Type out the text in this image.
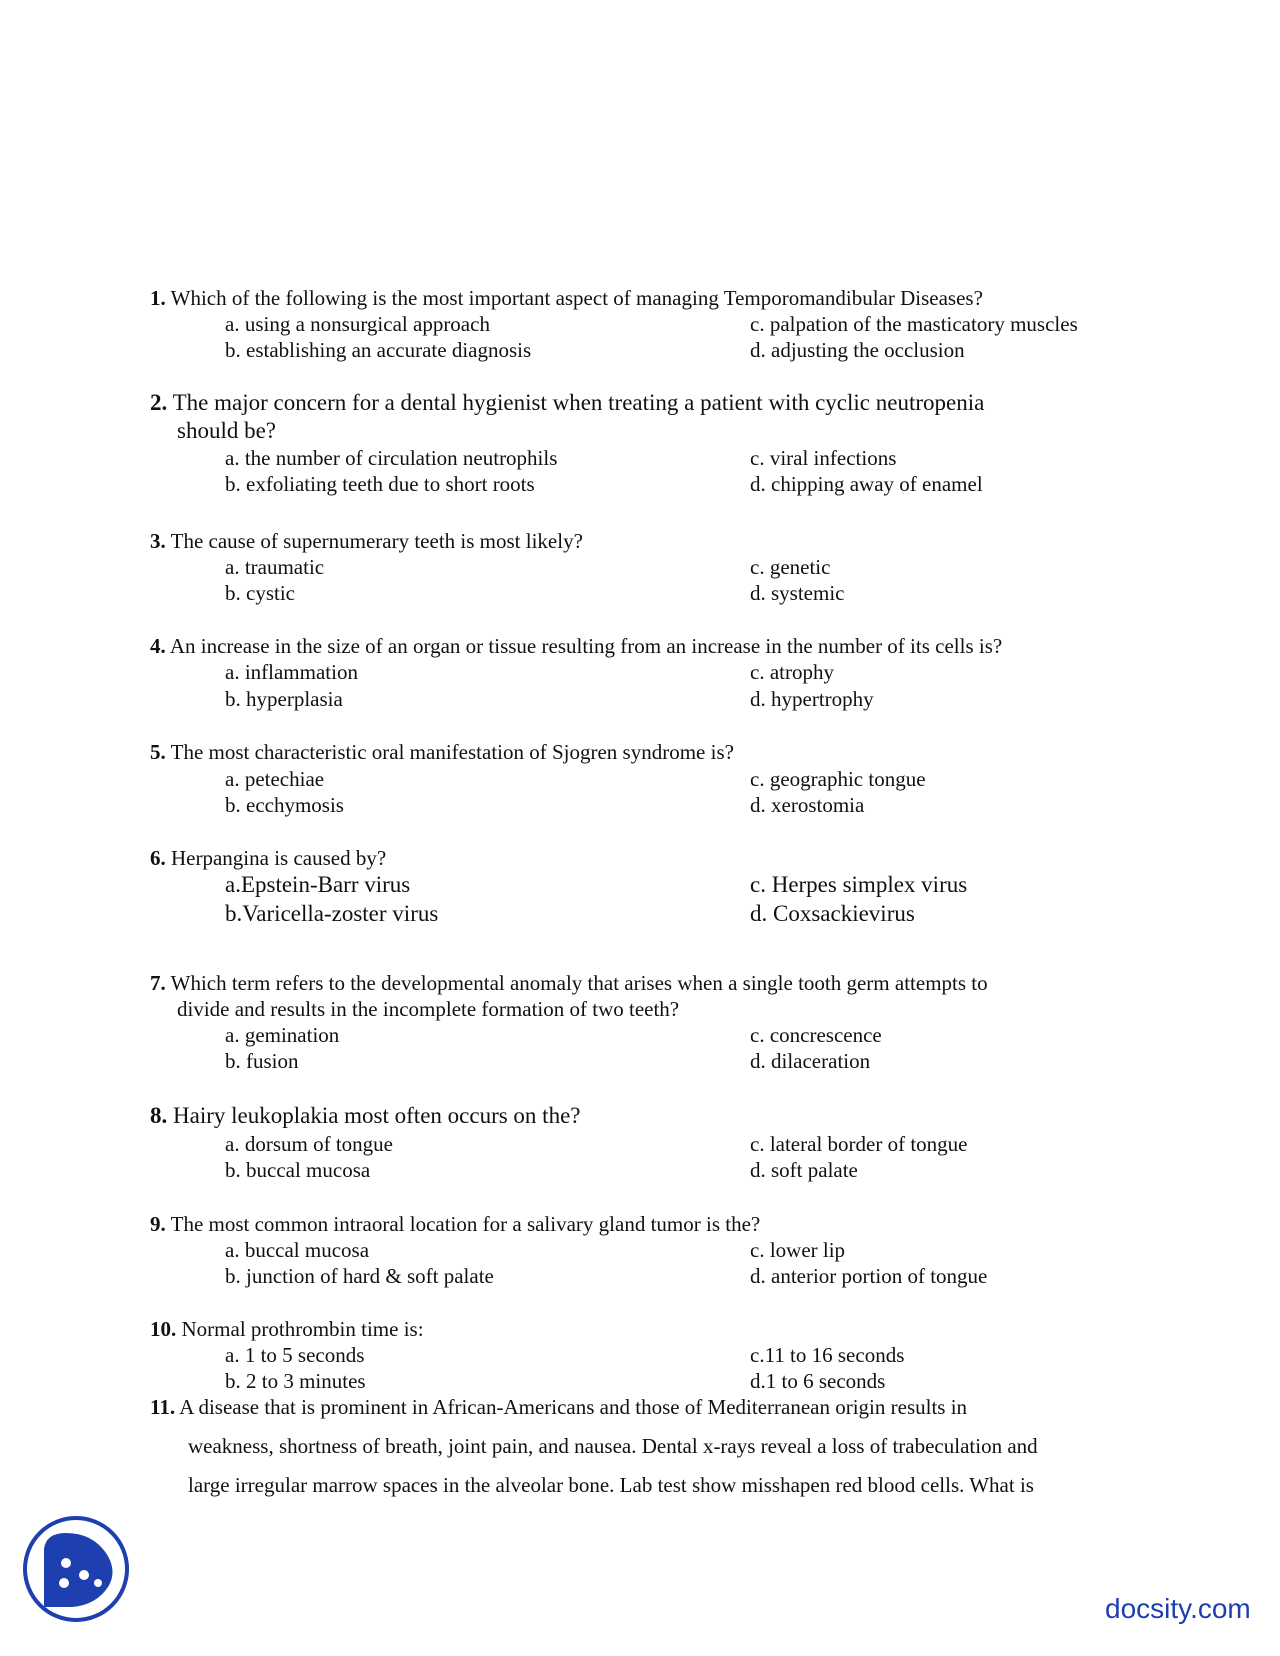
1. Which of the following is the most important aspect of managing Temporomandibular Diseases?
a. using a nonsurgical approach	c. palpation of the masticatory muscles
b. establishing an accurate diagnosis	d. adjusting the occlusion
2. The major concern for a dental hygienist when treating a patient with cyclic neutropenia
should be?
a. the number of circulation neutrophils	c. viral infections
b. exfoliating teeth due to short roots	d. chipping away of enamel
3. The cause of supernumerary teeth is most likely?
a. traumatic	c. genetic
b. cystic	d. systemic
4. An increase in the size of an organ or tissue resulting from an increase in the number of its cells is?
a. inflammation	c. atrophy
b. hyperplasia	d. hypertrophy
5. The most characteristic oral manifestation of Sjogren syndrome is?
a. petechiae	c. geographic tongue
b. ecchymosis	d. xerostomia
6. Herpangina is caused by?
a.Epstein-Barr virus	c. Herpes simplex virus
b.Varicella-zoster virus	d. Coxsackievirus
7. Which term refers to the developmental anomaly that arises when a single tooth germ attempts to
divide and results in the incomplete formation of two teeth?
a. gemination	c. concrescence
b. fusion	d. dilaceration
8. Hairy leukoplakia most often occurs on the?
a. dorsum of tongue	c. lateral border of tongue
b. buccal mucosa	d. soft palate
9. The most common intraoral location for a salivary gland tumor is the?
a. buccal mucosa	c. lower lip
b. junction of hard & soft palate	d. anterior portion of tongue
10. Normal prothrombin time is:
a. 1 to 5 seconds	c.11 to 16 seconds
b. 2 to 3 minutes	d.1 to 6 seconds
11. A disease that is prominent in African-Americans and those of Mediterranean origin results in
weakness, shortness of breath, joint pain, and nausea. Dental x-rays reveal a loss of trabeculation and
large irregular marrow spaces in the alveolar bone. Lab test show misshapen red blood cells. What is
docsity.com
